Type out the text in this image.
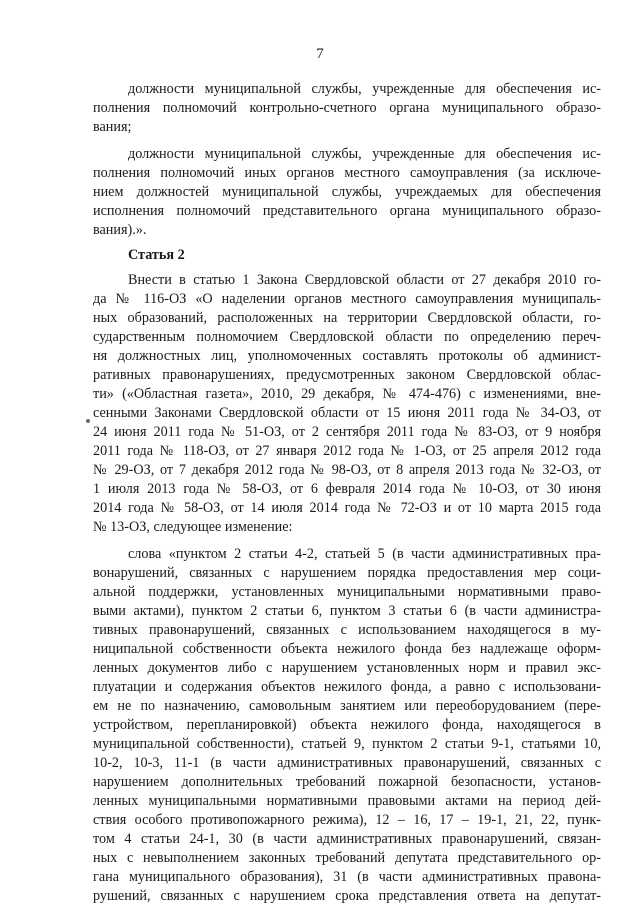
7

должности муниципальной службы, учрежденные для обеспечения ис-
полнения полномочий контрольно-счетного органа муниципального образо-
вания;

должности муниципальной службы, учрежденные для обеспечения ис-
полнения полномочий иных органов местного самоуправления (за исключе-
нием должностей муниципальной службы, учреждаемых для обеспечения
исполнения полномочий представительного органа муниципального образо-
вания).».

Статья 2

Внести в статью 1 Закона Свердловской области от 27 декабря 2010 го-
да № 116-ОЗ «О наделении органов местного самоуправления муниципаль-
ных образований, расположенных на территории Свердловской области, го-
сударственным полномочием Свердловской области по определению переч-
ня должностных лиц, уполномоченных составлять протоколы об админист-
ративных правонарушениях, предусмотренных законом Свердловской облас-
ти» («Областная газета», 2010, 29 декабря, № 474-476) с изменениями, вне-
сенными Законами Свердловской области от 15 июня 2011 года № 34-ОЗ, от
24 июня 2011 года № 51-ОЗ, от 2 сентября 2011 года № 83-ОЗ, от 9 ноября
2011 года № 118-ОЗ, от 27 января 2012 года № 1-ОЗ, от 25 апреля 2012 года
№ 29-ОЗ, от 7 декабря 2012 года № 98-ОЗ, от 8 апреля 2013 года № 32-ОЗ, от
1 июля 2013 года № 58-ОЗ, от 6 февраля 2014 года № 10-ОЗ, от 30 июня
2014 года № 58-ОЗ, от 14 июля 2014 года № 72-ОЗ и от 10 марта 2015 года
№ 13-ОЗ, следующее изменение:

слова «пунктом 2 статьи 4-2, статьей 5 (в части административных пра-
вонарушений, связанных с нарушением порядка предоставления мер соци-
альной поддержки, установленных муниципальными нормативными право-
выми актами), пунктом 2 статьи 6, пунктом 3 статьи 6 (в части администра-
тивных правонарушений, связанных с использованием находящегося в му-
ниципальной собственности объекта нежилого фонда без надлежаще оформ-
ленных документов либо с нарушением установленных норм и правил экс-
плуатации и содержания объектов нежилого фонда, а равно с использовани-
ем не по назначению, самовольным занятием или переоборудованием (пере-
устройством, перепланировкой) объекта нежилого фонда, находящегося в
муниципальной собственности), статьей 9, пунктом 2 статьи 9-1, статьями 10,
10-2, 10-3, 11-1 (в части административных правонарушений, связанных с
нарушением дополнительных требований пожарной безопасности, установ-
ленных муниципальными нормативными правовыми актами на период дей-
ствия особого противопожарного режима), 12 – 16, 17 – 19-1, 21, 22, пунк-
том 4 статьи 24-1, 30 (в части административных правонарушений, связан-
ных с невыполнением законных требований депутата представительного ор-
гана муниципального образования), 31 (в части административных правона-
рушений, связанных с нарушением срока представления ответа на депутат-
